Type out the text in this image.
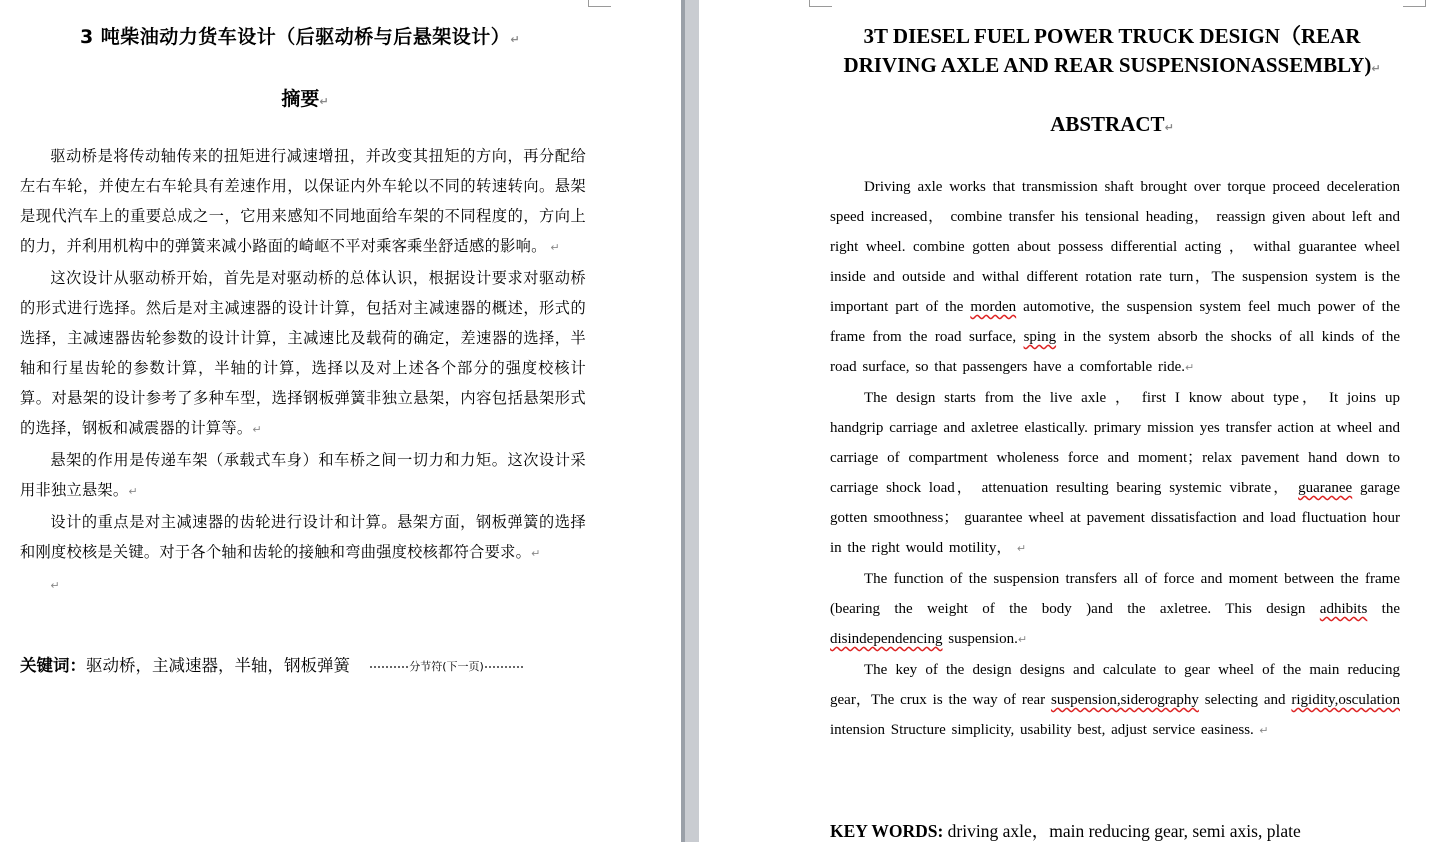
3 吨柴油动力货车设计（后驱动桥与后悬架设计）↵
摘要↵

驱动桥是将传动轴传来的扭矩进行减速增扭，并改变其扭矩的方向，再分配给左右车轮，并使左右车轮具有差速作用，以保证内外车轮以不同的转速转向。悬架是现代汽车上的重要总成之一，它用来感知不同地面给车架的不同程度的，方向上的力，并利用机构中的弹簧来减小路面的崎岖不平对乘客乘坐舒适感的影响。 ↵

这次设计从驱动桥开始，首先是对驱动桥的总体认识，根据设计要求对驱动桥的形式进行选择。然后是对主减速器的设计计算，包括对主减速器的概述，形式的选择，主减速器齿轮参数的设计计算，主减速比及载荷的确定，差速器的选择，半轴和行星齿轮的参数计算，半轴的计算，选择以及对上述各个部分的强度校核计算。对悬架的设计参考了多种车型，选择钢板弹簧非独立悬架，内容包括悬架形式的选择，钢板和减震器的计算等。↵

悬架的作用是传递车架（承载式车身）和车桥之间一切力和力矩。这次设计采用非独立悬架。↵

设计的重点是对主减速器的齿轮进行设计和计算。悬架方面，钢板弹簧的选择和刚度校核是关键。对于各个轴和齿轮的接触和弯曲强度校核都符合要求。↵

↵

关键词：驱动桥，主减速器，半轴，钢板弹簧	分节符(下一页)
3T DIESEL FUEL POWER TRUCK DESIGN（REAR
DRIVING AXLE AND REAR SUSPENSIONASSEMBLY)↵
ABSTRACT↵

Driving axle works that transmission shaft brought over torque proceed deceleration speed increased， combine transfer his tensional heading， reassign given about left and right wheel. combine gotten about possess differential acting ， withal guarantee wheel inside and outside and withal different rotation rate turn，The suspension system is the important part of the morden automotive, the suspension system feel much power of the frame from the road surface, sping in the system absorb the shocks of all kinds of the road surface, so that passengers have a comfortable ride.↵

The design starts from the live axle ， first I know about type， It joins up handgrip carriage and axletree elastically. primary mission yes transfer action at wheel and carriage of compartment wholeness force and moment；relax pavement hand down to carriage shock load， attenuation resulting bearing systemic vibrate， guaranee garage gotten smoothness； guarantee wheel at pavement dissatisfaction and load fluctuation hour in the right would motility， ↵

The function of the suspension transfers all of force and moment between the frame (bearing the weight of the body )and the axletree. This design adhibits the disindependencing suspension.↵

The key of the design designs and calculate to gear wheel of the main reducing gear，The crux is the way of rear suspension,siderography selecting and rigidity,osculation intension Structure simplicity, usability best, adjust service easiness. ↵

KEY WORDS: driving axle，main reducing gear, semi axis, plate
